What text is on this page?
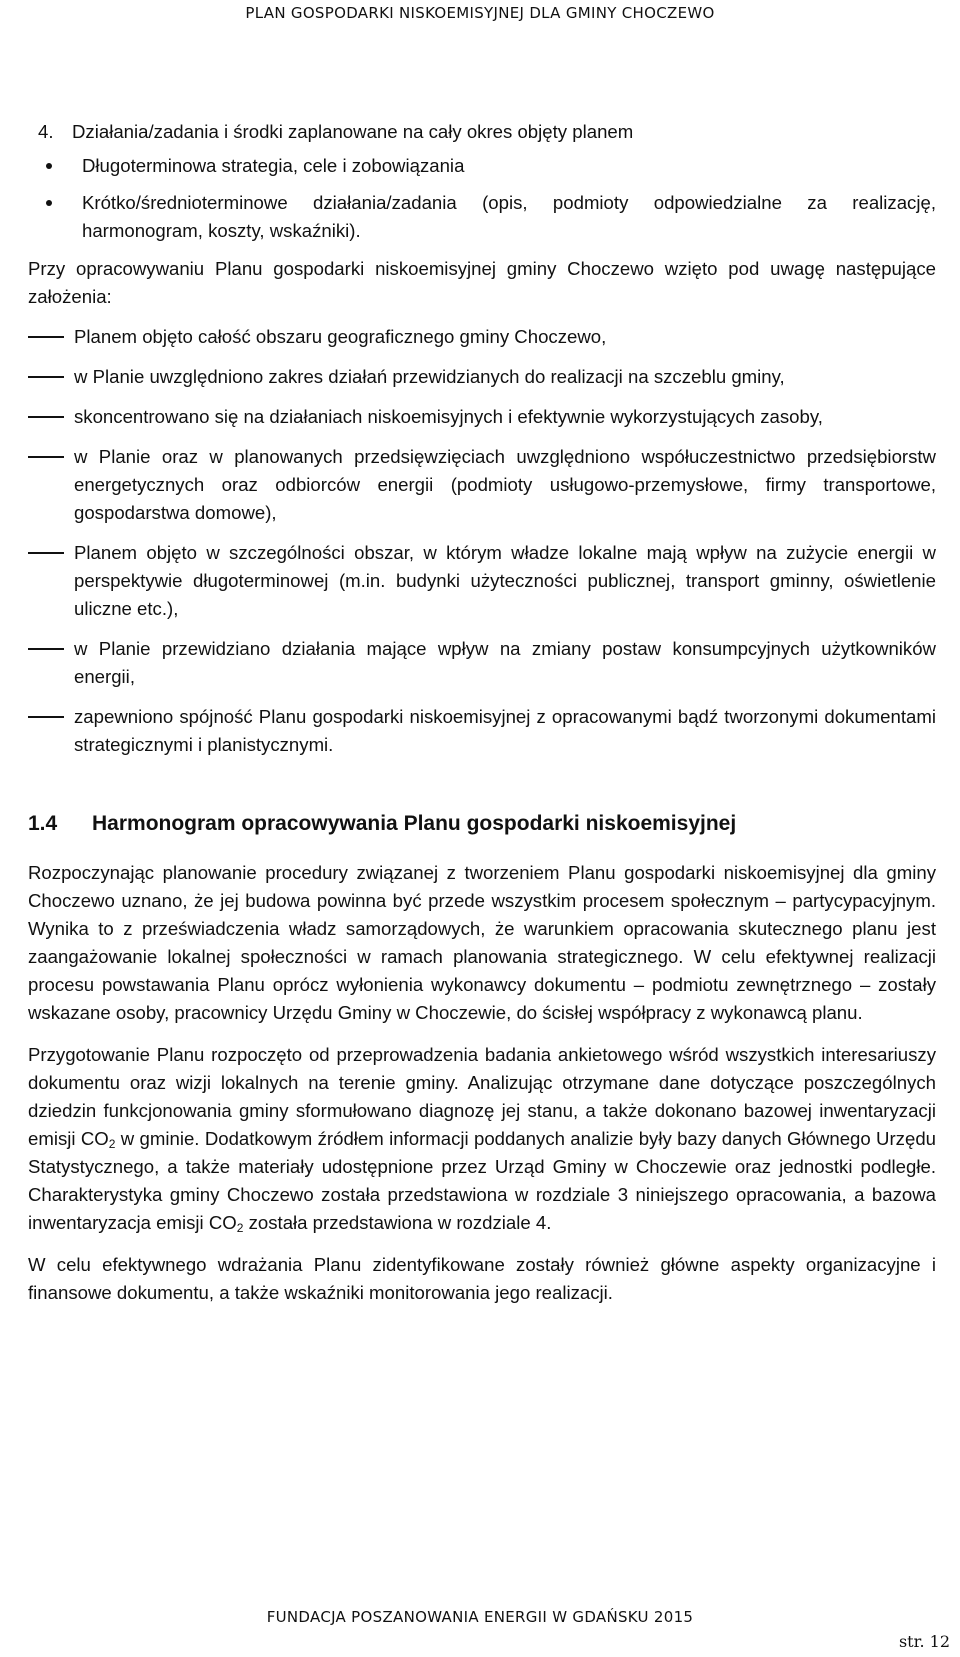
PLAN GOSPODARKI NISKOEMISYJNEJ DLA GMINY CHOCZEWO

4. Działania/zadania i środki zaplanowane na cały okres objęty planem

Długoterminowa strategia, cele i zobowiązania
Krótko/średnioterminowe działania/zadania (opis, podmioty odpowiedzialne za realizację, harmonogram, koszty, wskaźniki).

Przy opracowywaniu Planu gospodarki niskoemisyjnej gminy Choczewo wzięto pod uwagę następujące założenia:

Planem objęto całość obszaru geograficznego gminy Choczewo,
w Planie uwzględniono zakres działań przewidzianych do realizacji na szczeblu gminy,
skoncentrowano się na działaniach niskoemisyjnych i efektywnie wykorzystujących zasoby,
w Planie oraz w planowanych przedsięwzięciach uwzględniono współuczestnictwo przedsiębiorstw energetycznych oraz odbiorców energii (podmioty usługowo-przemysłowe, firmy transportowe, gospodarstwa domowe),
Planem objęto w szczególności obszar, w którym władze lokalne mają wpływ na zużycie energii w perspektywie długoterminowej (m.in. budynki użyteczności publicznej, transport gminny, oświetlenie uliczne etc.),
w Planie przewidziano działania mające wpływ na zmiany postaw konsumpcyjnych użytkowników energii,
zapewniono spójność Planu gospodarki niskoemisyjnej z opracowanymi bądź tworzonymi dokumentami strategicznymi i planistycznymi.
1.4	Harmonogram opracowywania Planu gospodarki niskoemisyjnej

Rozpoczynając planowanie procedury związanej z tworzeniem Planu gospodarki niskoemisyjnej dla gminy Choczewo uznano, że jej budowa powinna być przede wszystkim procesem społecznym – partycypacyjnym. Wynika to z przeświadczenia władz samorządowych, że warunkiem opracowania skutecznego planu jest zaangażowanie lokalnej społeczności w ramach planowania strategicznego. W celu efektywnej realizacji procesu powstawania Planu oprócz wyłonienia wykonawcy dokumentu – podmiotu zewnętrznego – zostały wskazane osoby, pracownicy Urzędu Gminy w Choczewie, do ścisłej współpracy z wykonawcą planu.

Przygotowanie Planu rozpoczęto od przeprowadzenia badania ankietowego wśród wszystkich interesariuszy dokumentu oraz wizji lokalnych na terenie gminy. Analizując otrzymane dane dotyczące poszczególnych dziedzin funkcjonowania gminy sformułowano diagnozę jej stanu, a także dokonano bazowej inwentaryzacji emisji $CO_2$ w gminie. Dodatkowym źródłem informacji poddanych analizie były bazy danych Głównego Urzędu Statystycznego, a także materiały udostępnione przez Urząd Gminy w Choczewie oraz jednostki podległe. Charakterystyka gminy Choczewo została przedstawiona w rozdziale 3 niniejszego opracowania, a bazowa inwentaryzacja emisji $CO_2$ została przedstawiona w rozdziale 4.

W celu efektywnego wdrażania Planu zidentyfikowane zostały również główne aspekty organizacyjne i finansowe dokumentu, a także wskaźniki monitorowania jego realizacji.

FUNDACJA POSZANOWANIA ENERGII W GDAŃSKU 2015
str. 12
